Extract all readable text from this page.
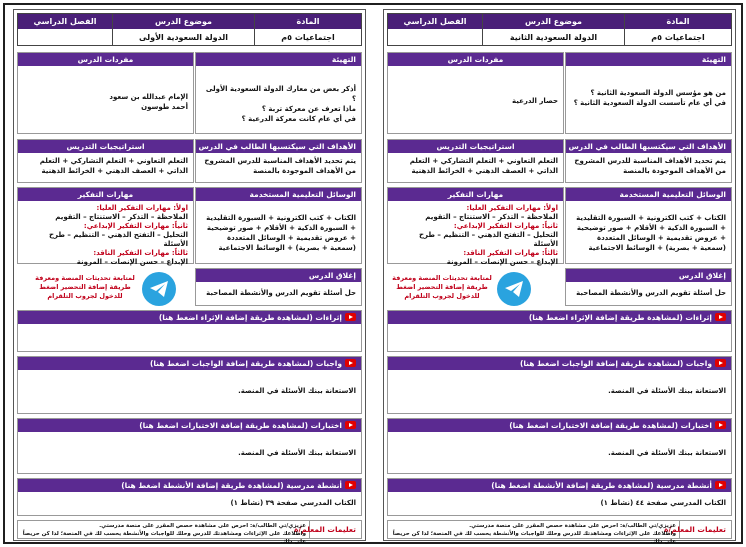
المادة
اجتماعيات ٥م
موضوع الدرس
الدولة السعودية الثانية
الفصل الدراسي
التهيئة

من هو مؤسس الدولة السعودية الثانية ؟

في أي عام تأسست الدولة السعودية الثانية ؟

مفردات الدرس
حصار الدرعية
الأهداف التي سيكتسبها الطالب في الدرس
يتم تحديد الأهداف المناسبة للدرس المشروح من الأهداف الموجودة بالمنصة
استراتيجيات التدريس
التعلم التعاوني + التعلم التشاركي + التعلم الذاتي + العصف الذهني + الخرائط الذهنية
الوسائل التعليمية المستخدمة
الكتاب + كتب الكترونية + السبورة التقليدية + السبورة الذكية + الأقلام + صور توضيحية + عروض تقديمية + الوسائل المتعددة (سمعية + بصرية) + الوسائط الاجتماعية
مهارات التفكير

اولاً: مهارات التفكير العليا:

الملاحظة – التذكر – الاستنتاج – التقويم

ثانياً: مهارات التفكير الإبداعي:

التحليل – التفتح الذهني – التنظيم – طرح الأسئلة

ثالثاً: مهارات التفكير الناقد:

الإبداع – حسن الإنصات – المرونة

إغلاق الدرس
حل أسئلة تقويم الدرس والأنشطة المصاحبة
لمتابعة تحديثات المنصة ومعرفة طريقة إضافة التحضير اضغط للدخول لجروب التلقرام
إثراءات (لمشاهدة طريقة إضافة الإثراء اضغط هنا)
واجبات (لمشاهدة طريقة إضافة الواجبات اضغط هنا)
الاستعانة ببنك الأسئلة في المنصة.
اختبارات (لمشاهدة طريقة إضافة الاختبارات اضغط هنا)
الاستعانة ببنك الأسئلة في المنصة.
أنشطة مدرسية (لمشاهدة طريقة إضافة الأنشطة اضغط هنا)
الكتاب المدرسي صفحة ٤٤ (نشاط ١)
تعليمات المعلم/ة

عزيزي/تي الطالب/ة: احرص على مشاهدة حصص المقرر على منصة مدرستي.

واطلاعك على الإثراءات ومشاهدتك للدرس وحلك للواجبات والأنشطة يحسب لك في المنصة؛ لذا كن حريصاً على ذلك.

المادة
اجتماعيات ٥م
موضوع الدرس
الدولة السعودية الأولى
الفصل الدراسي
التهيئة

أذكر بعض من معارك الدولة السعودية الأولى ؟

ماذا تعرف عن معركة تربة ؟

في أي عام كانت معركة الدرعية ؟

مفردات الدرس
الإمام عبدالله بن سعود
أحمد طوسون
الأهداف التي سيكتسبها الطالب في الدرس
يتم تحديد الأهداف المناسبة للدرس المشروح من الأهداف الموجودة بالمنصة
استراتيجيات التدريس
التعلم التعاوني + التعلم التشاركي + التعلم الذاتي + العصف الذهني + الخرائط الذهنية
الوسائل التعليمية المستخدمة
الكتاب + كتب الكترونية + السبورة التقليدية + السبورة الذكية + الأقلام + صور توضيحية + عروض تقديمية + الوسائل المتعددة (سمعية + بصرية) + الوسائط الاجتماعية
مهارات التفكير

اولاً: مهارات التفكير العليا:

الملاحظة – التذكر – الاستنتاج – التقويم

ثانياً: مهارات التفكير الإبداعي:

التحليل – التفتح الذهني – التنظيم – طرح الأسئلة

ثالثاً: مهارات التفكير الناقد:

الإبداع – حسن الإنصات – المرونة

إغلاق الدرس
حل أسئلة تقويم الدرس والأنشطة المصاحبة
لمتابعة تحديثات المنصة ومعرفة طريقة إضافة التحضير اضغط للدخول لجروب التلقرام
إثراءات (لمشاهدة طريقة إضافة الإثراء اضغط هنا)
واجبات (لمشاهدة طريقة إضافة الواجبات اضغط هنا)
الاستعانة ببنك الأسئلة في المنصة.
اختبارات (لمشاهدة طريقة إضافة الاختبارات اضغط هنا)
الاستعانة ببنك الأسئلة في المنصة.
أنشطة مدرسية (لمشاهدة طريقة إضافة الأنشطة اضغط هنا)
الكتاب المدرسي صفحة ٣٩ (نشاط ١)
تعليمات المعلم/ة

عزيزي/تي الطالب/ة: احرص على مشاهدة حصص المقرر على منصة مدرستي.

واطلاعك على الإثراءات ومشاهدتك للدرس وحلك للواجبات والأنشطة يحسب لك في المنصة؛ لذا كن حريصاً على ذلك.
